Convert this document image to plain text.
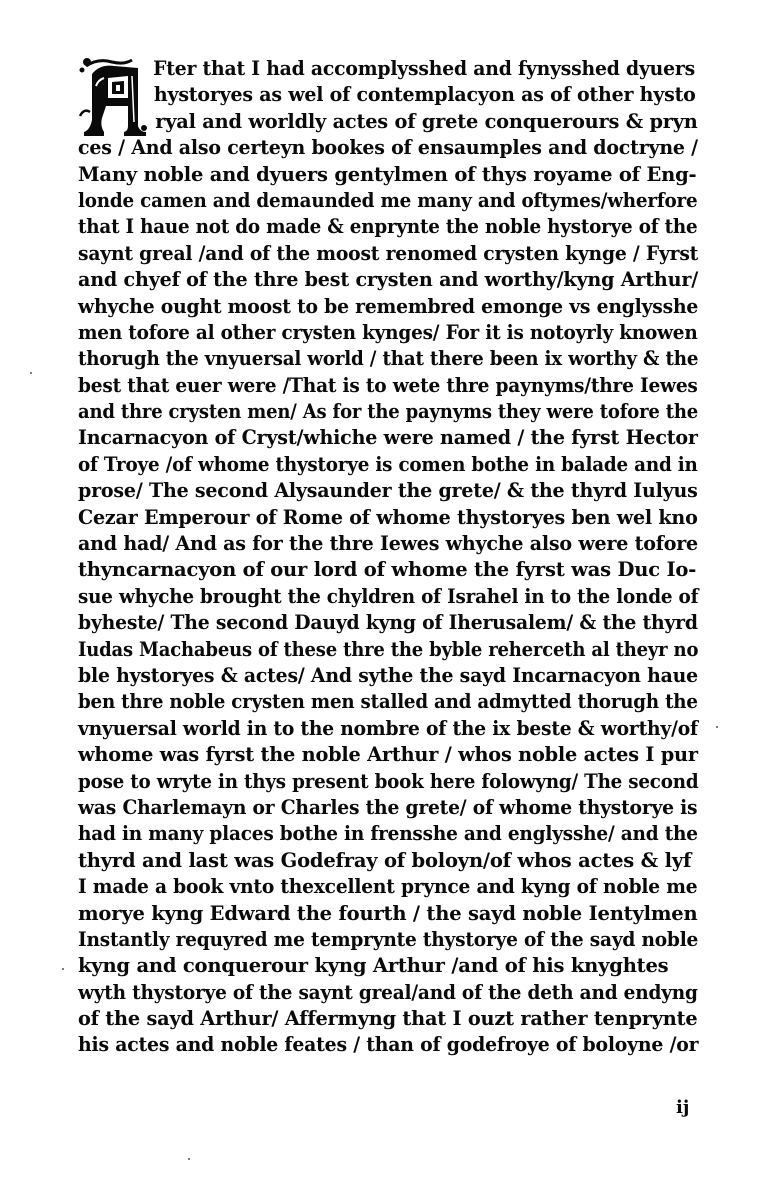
Fter that I had accomplysshed and fynysshed dyuers
hystoryes as wel of contemplacyon as of other hysto
ryal and worldly actes of grete conquerours & pryn
ces / And also certeyn bookes of ensaumples and doctryne /
Many noble and dyuers gentylmen of thys royame of Eng-
londe camen and demaunded me many and oftymes/wherfore
that I haue not do made & enprynte the noble hystorye of the
saynt greal /and of the moost renomed crysten kynge / Fyrst
and chyef of the thre best crysten and worthy/kyng Arthur/
whyche ought moost to be remembred emonge vs englysshe
men tofore al other crysten kynges/ For it is notoyrly knowen
thorugh the vnyuersal world / that there been ix worthy & the
best that euer were /That is to wete thre paynyms/thre Iewes
and thre crysten men/ As for the paynyms they were tofore the
Incarnacyon of Cryst/whiche were named / the fyrst Hector
of Troye /of whome thystorye is comen bothe in balade and in
prose/ The second Alysaunder the grete/ & the thyrd Iulyus
Cezar Emperour of Rome of whome thystoryes ben wel kno
and had/ And as for the thre Iewes whyche also were tofore
thyncarnacyon of our lord of whome the fyrst was Duc Io-
sue whyche brought the chyldren of Israhel in to the londe of
byheste/ The second Dauyd kyng of Iherusalem/ & the thyrd
Iudas Machabeus of these thre the byble reherceth al theyr no
ble hystoryes & actes/ And sythe the sayd Incarnacyon haue
ben thre noble crysten men stalled and admytted thorugh the
vnyuersal world in to the nombre of the ix beste & worthy/of
whome was fyrst the noble Arthur / whos noble actes I pur
pose to wryte in thys present book here folowyng/ The second
was Charlemayn or Charles the grete/ of whome thystorye is
had in many places bothe in frensshe and englysshe/ and the
thyrd and last was Godefray of boloyn/of whos actes & lyf
I made a book vnto thexcellent prynce and kyng of noble me
morye kyng Edward the fourth / the sayd noble Ientylmen
Instantly requyred me temprynte thystorye of the sayd noble
kyng and conquerour kyng Arthur /and of his knyghtes
wyth thystorye of the saynt greal/and of the deth and endyng
of the sayd Arthur/ Affermyng that I ouzt rather tenprynte
his actes and noble feates / than of godefroye of boloyne /or
ij
